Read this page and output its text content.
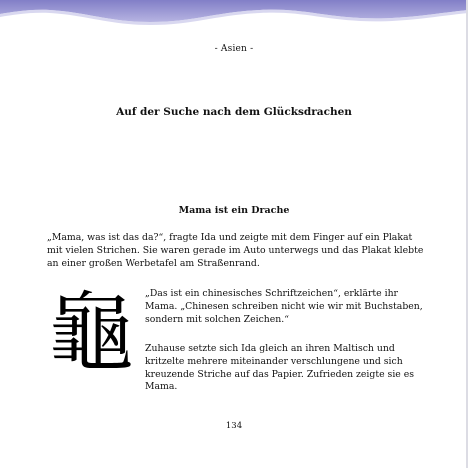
- Asien -
Auf der Suche nach dem Glücksdrachen
Mama ist ein Drache

„Mama, was ist das da?“, fragte Ida und zeigte mit dem Finger auf ein Plakat mit vielen Strichen. Sie waren gerade im Auto unterwegs und das Plakat klebte an einer großen Werbetafel am Straßenrand.

龜 „Das ist ein chinesisches Schriftzeichen“, erklärte ihr Mama. „Chinesen schreiben nicht wie wir mit Buchstaben, sondern mit solchen Zeichen.“

Zuhause setzte sich Ida gleich an ihren Maltisch und kritzelte mehrere miteinander verschlungene und sich kreuzende Striche auf das Papier. Zufrieden zeigte sie es Mama.

134
